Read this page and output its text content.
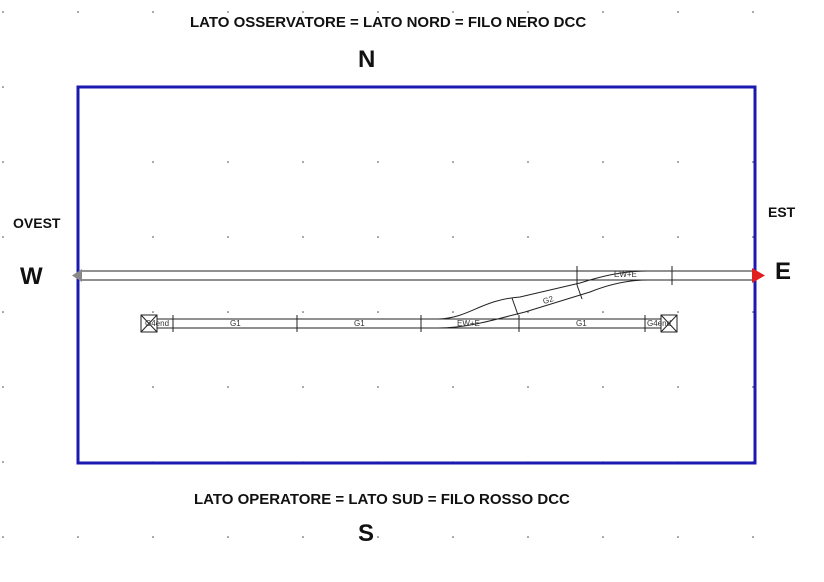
LATO OSSERVATORE = LATO NORD = FILO NERO DCC
LATO OPERATORE = LATO SUD = FILO ROSSO DCC
N
S
W	E
OVEST
EST
EW+E
EW+E
G2
G1	G1	G1
G4end	G4end
